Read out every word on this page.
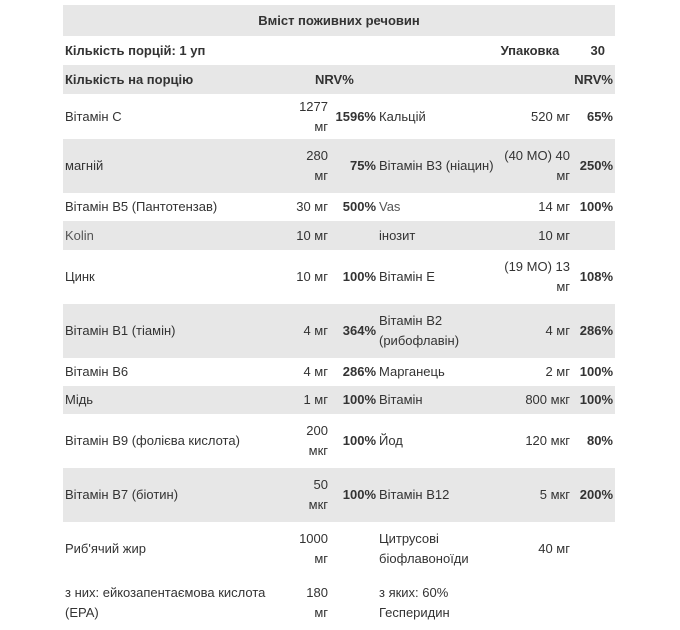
Вміст поживних речовин
Кількість порцій: 1 уп	Упаковка 30
Кількість на порцію	NRV%	NRV%
Вітамін C	1277 мг	1596%	Кальцій	520 мг	65%
магній	280 мг	75%	Вітамін B3 (ніацин)	(40 МО) 40 мг	250%
Вітамін B5 (Пантотензав)	30 мг	500%	Vas	14 мг	100%
Kolin	10 мг		інозит	10 мг	
Цинк	10 мг	100%	Вітамін E	(19 МО) 13 мг	108%
Вітамін B1 (тіамін)	4 мг	364%	Вітамін B2 (рибофлавін)	4 мг	286%
Вітамін B6	4 мг	286%	Марганець	2 мг	100%
Мідь	1 мг	100%	Вітамін	800 мкг	100%
Вітамін B9 (фолієва кислота)	200 мкг	100%	Йод	120 мкг	80%
Вітамін B7 (біотин)	50 мкг	100%	Вітамін B12	5 мкг	200%
Риб'ячий жир	1000 мг		Цитрусові біофлавоноїди	40 мг	
з них: ейкозапентаємова кислота (EPA)	180 мг		з яких: 60% Гесперидин		
